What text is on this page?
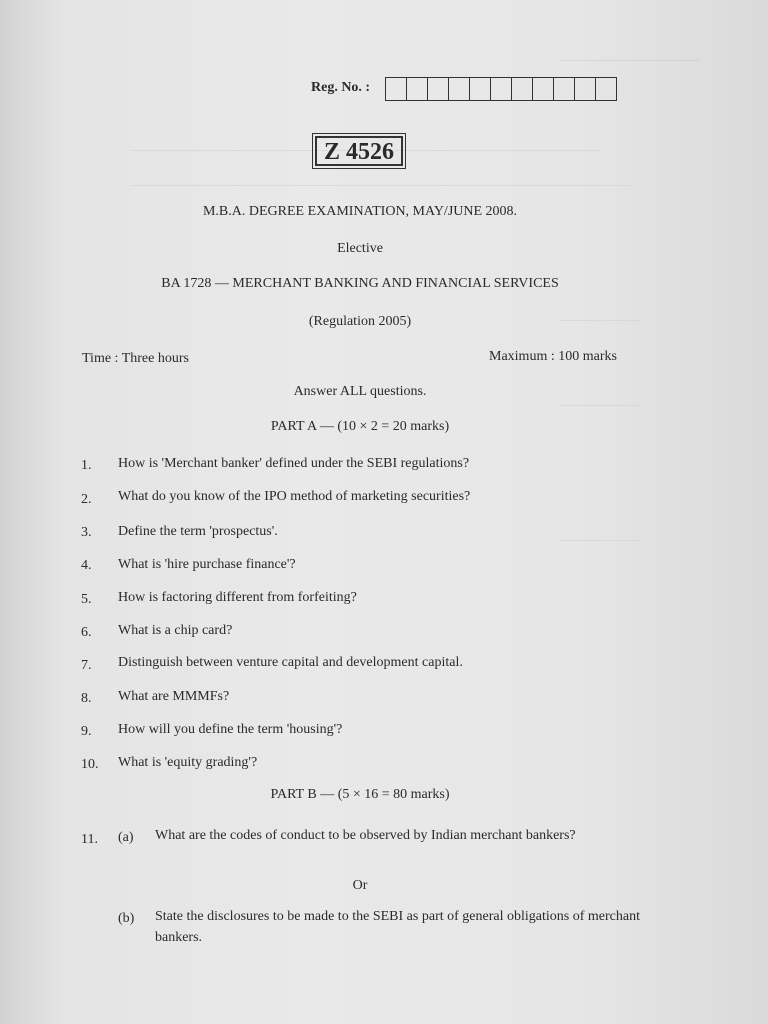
Reg. No. :
Z 4526
M.B.A. DEGREE EXAMINATION, MAY/JUNE 2008.
Elective
BA 1728 — MERCHANT BANKING AND FINANCIAL SERVICES
(Regulation 2005)
Time : Three hours	Maximum : 100 marks
Answer ALL questions.
PART A — (10 × 2 = 20 marks)
1. How is 'Merchant banker' defined under the SEBI regulations?
2. What do you know of the IPO method of marketing securities?
3. Define the term 'prospectus'.
4. What is 'hire purchase finance'?
5. How is factoring different from forfeiting?
6. What is a chip card?
7. Distinguish between venture capital and development capital.
8. What are MMMFs?
9. How will you define the term 'housing'?
10. What is 'equity grading'?
PART B — (5 × 16 = 80 marks)
11. (a) What are the codes of conduct to be observed by Indian merchant bankers?
Or
(b) State the disclosures to be made to the SEBI as part of general obligations of merchant bankers.
